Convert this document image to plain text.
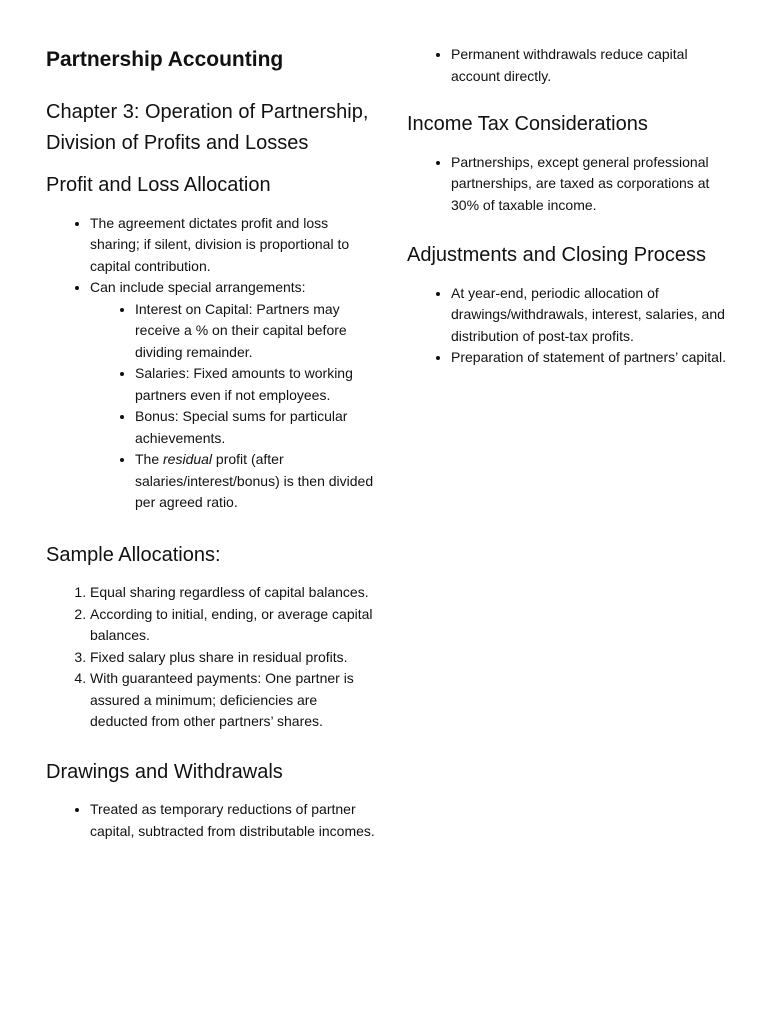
Partnership Accounting
Chapter 3: Operation of Partnership, Division of Profits and Losses
Profit and Loss Allocation
• The agreement dictates profit and loss sharing; if silent, division is proportional to capital contribution.
• Can include special arrangements:
• Interest on Capital: Partners may receive a % on their capital before dividing remainder.
• Salaries: Fixed amounts to working partners even if not employees.
• Bonus: Special sums for particular achievements.
• The residual profit (after salaries/interest/bonus) is then divided per agreed ratio.
Sample Allocations:
1. Equal sharing regardless of capital balances.
2. According to initial, ending, or average capital balances.
3. Fixed salary plus share in residual profits.
4. With guaranteed payments: One partner is assured a minimum; deficiencies are deducted from other partners’ shares.
Drawings and Withdrawals
• Treated as temporary reductions of partner capital, subtracted from distributable incomes.
• Permanent withdrawals reduce capital account directly.
Income Tax Considerations
• Partnerships, except general professional partnerships, are taxed as corporations at 30% of taxable income.
Adjustments and Closing Process
• At year-end, periodic allocation of drawings/withdrawals, interest, salaries, and distribution of post-tax profits.
• Preparation of statement of partners’ capital.
